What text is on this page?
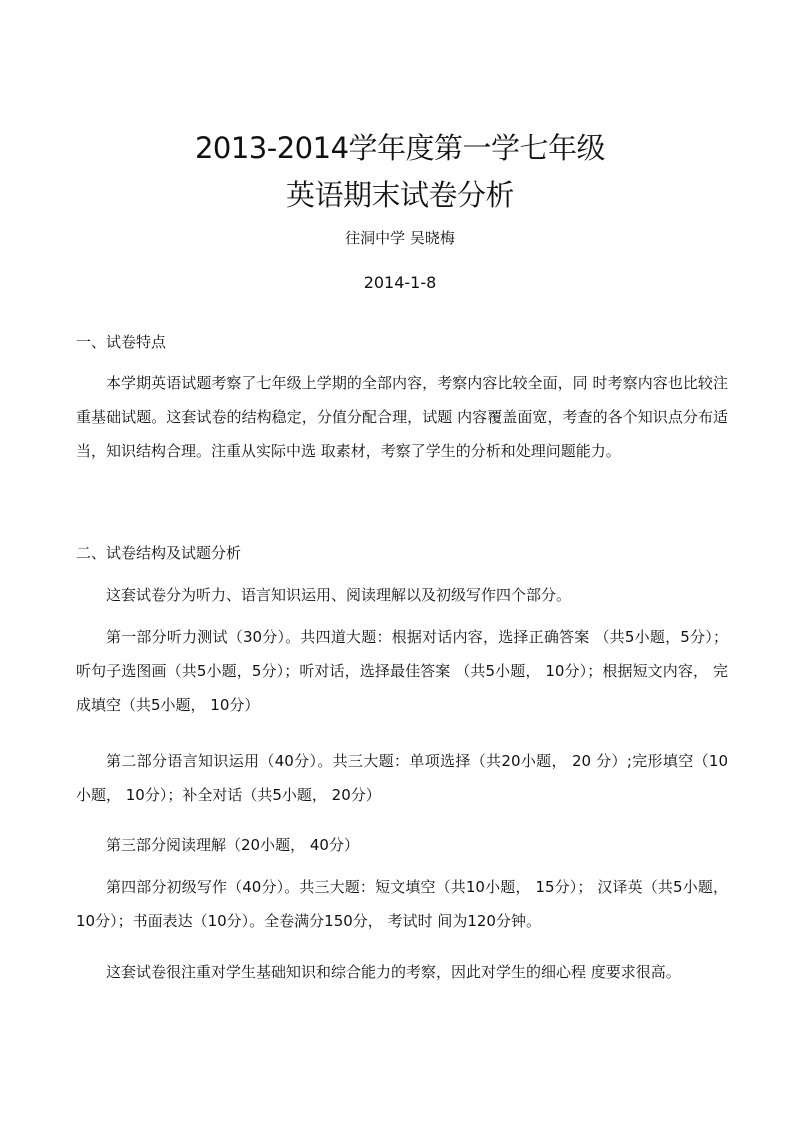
2013-2014学年度第一学七年级
英语期末试卷分析
往洞中学 吴晓梅
2014-1-8
一、试卷特点

本学期英语试题考察了七年级上学期的全部内容，考察内容比较全面，同 时考察内容也比较注重基础试题。这套试卷的结构稳定，分值分配合理，试题 内容覆盖面宽，考查的各个知识点分布适当，知识结构合理。注重从实际中选 取素材，考察了学生的分析和处理问题能力。

二、试卷结构及试题分析

这套试卷分为听力、语言知识运用、阅读理解以及初级写作四个部分。

第一部分听力测试（30分）。共四道大题：根据对话内容，选择正确答案 （共5小题，5分）；听句子选图画（共5小题，5分）；听对话，选择最佳答案 （共5小题， 10分）；根据短文内容， 完成填空（共5小题， 10分）

第二部分语言知识运用（40分）。共三大题：单项选择（共20小题， 20 分）;完形填空（10小题， 10分）；补全对话（共5小题， 20分）

第三部分阅读理解（20小题， 40分）

第四部分初级写作（40分）。共三大题：短文填空（共10小题， 15分）； 汉译英（共5小题， 10分）；书面表达（10分）。全卷满分150分， 考试时 间为120分钟。

这套试卷很注重对学生基础知识和综合能力的考察，因此对学生的细心程 度要求很高。
